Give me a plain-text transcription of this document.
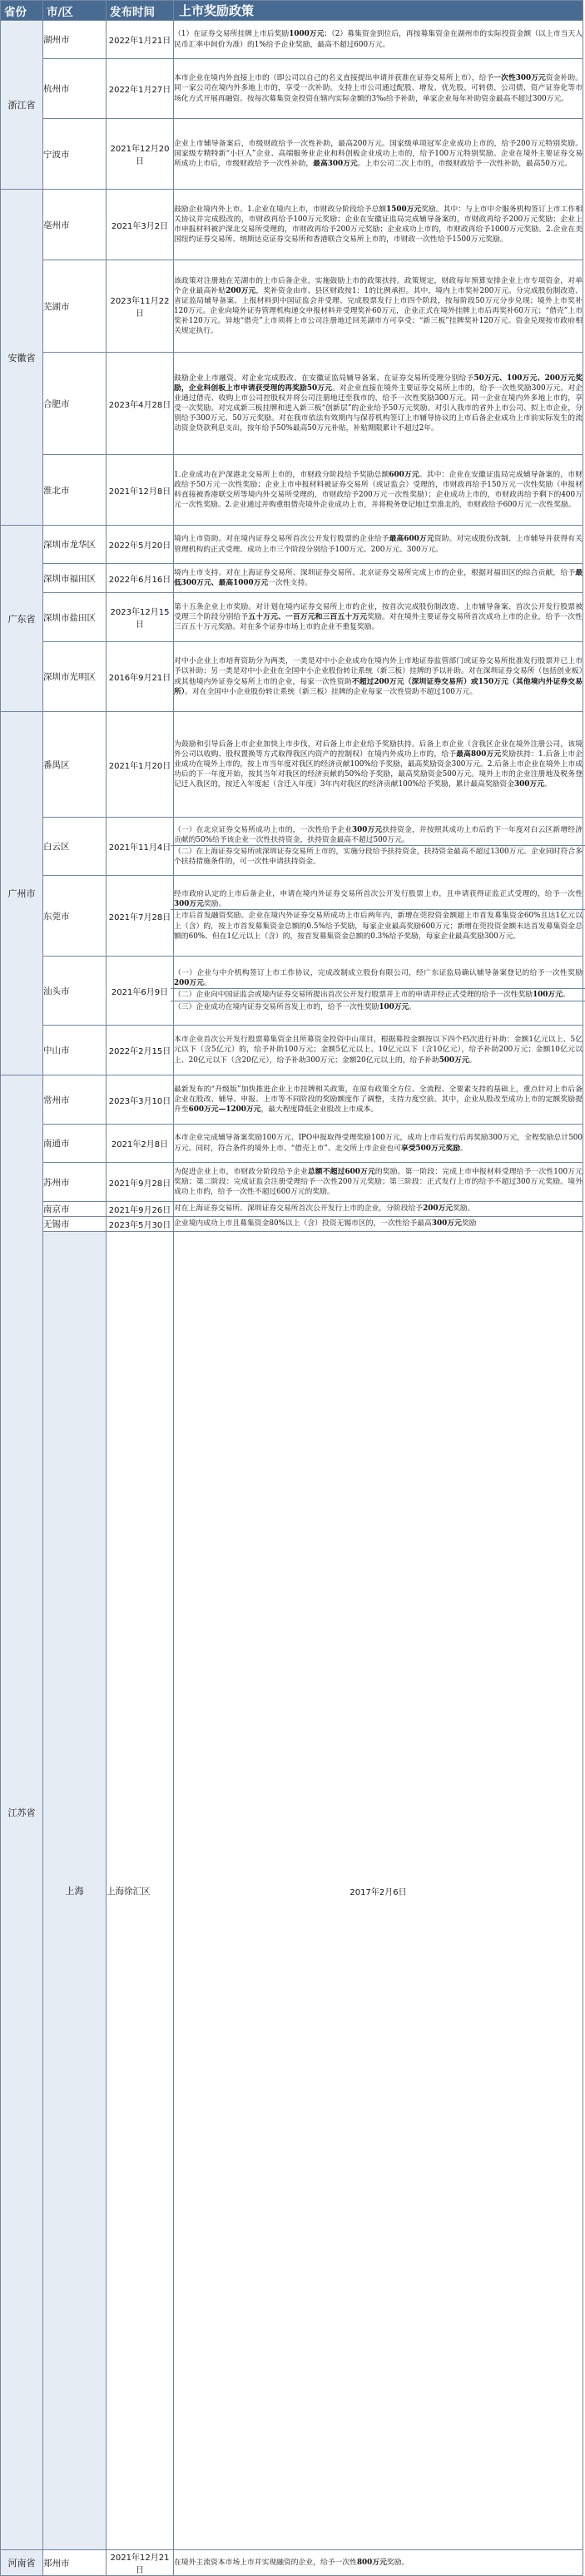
省份	市/区	发布时间	上市奖励政策	
浙江省	湖州市	2022年1月21日	（1）在证券交易所挂牌上市后奖励1000万元；（2）募集资金到位后，再按募集资金在湖州市的实际投资金额（以上市当天人民币汇率中间价为准）的1%给予企业奖励，最高不超过600万元。	
	杭州市	2022年1月27日	本市企业在境内外直接上市的（即公司以自己的名义直接提出申请并获准在证券交易所上市），给予一次性300万元资金补助。同一家公司在境内外多地上市的，享受一次补助。支持上市公司通过配股、增发、优先股、可转债、公司债、资产证券化等市场化方式开展再融资。按每次募集资金投资在辖内实际金额的3‰给予补助，单家企业每年补助资金最高不超过300万元。	
	宁波市	2021年12月20日	企业上市辅导备案后，市级财政给予一次性补助，最高200万元。国家级单项冠军企业成功上市的，给予200万元特别奖励。国家级专精特新“小巨人”企业、高端服务业企业和科创板企业成功上市的，给予100万元特别奖励。企业在境外主要证券交易所成功上市后，市级财政给予一次性补助，最高300万元。上市公司二次上市的，市级财政给予一次性补助，最高50万元。	
安徽省	亳州市	2021年3月2日	鼓励企业境内外上市。1.企业在境内上市，市财政分阶段给予总额1500万元奖励。其中：与上市中介服务机构签订上市工作相关协议并完成股改的，市财政再给予100万元奖励；企业在安徽证监局完成辅导备案的，市财政再给予200万元奖励；企业上市申报材料被沪深北交易所受理的，市财政再给予200万元奖励；企业成功上市的，市财政再给予1000万元奖励。2.企业在美国纽约证券交易所、纳斯达克证券交易所和香港联合交易所上市的，市财政一次性给予1500万元奖励。	
	芜湖市	2023年11月22日	该政策对注册地在芜湖市的上市后备企业，实施鼓励上市的政策扶持。政策规定，财政每年预算安排企业上市专项资金，对单个企业最高补贴200万元，奖补资金由市、县区财政按1：1的比例承担。其中，境内上市奖补200万元。分完成股份制改造、省证监局辅导备案、上报材料到中国证监会并受理、完成股票发行上市四个阶段，按每阶段50万元分步兑现；境外上市奖补120万元。企业向境外证券管理机构递交申报材料并受理奖补60万元，企业正式在境外挂牌上市后再奖补60万元；“借壳”上市奖补120万元。异地“借壳”上市须将上市公司注册地迁回芜湖市方可享受；“新三板”挂牌奖补120万元。资金兑现按市政府相关规定执行。	
	合肥市	2023年4月28日	鼓励企业上市融资。对企业完成股改、在安徽证监局辅导备案、在证券交易所受理分别给予50万元、100万元、200万元奖励，企业科创板上市申请获受理的再奖励50万元。对企业直接在境外主要证券交易所上市的，给予一次性奖励300万元。对企业通过借壳、收购上市公司控股权并将公司注册地迁至我市的，给予一次性奖励300万元。同一企业在境内外多地上市的，享受一次奖励。对完成新三板挂牌和进入新三板“创新层”的企业给予50万元奖励。对引入我市的省外上市公司、拟上市企业，分别给予300万元、50万元奖励。对在我市依法有效期内与保荐机构签订上市辅导协议的上市后备企业成功上市前实际发生的流动资金贷款利息支出，按年给予50%最高50万元补贴，补贴期限累计不超过2年。	
	淮北市	2021年12月8日	1.企业成功在沪深港北交易所上市的，市财政分阶段给予奖励总额600万元。其中：企业在安徽证监局完成辅导备案的，市财政给予50万元一次性奖励；企业上市申报材料被证券交易所（或证监会）受理的，市财政再给予150万元一次性奖励（申报材料直接被香港联交所等境内外交易所受理的，市财政给予200万元一次性奖励）；企业成功上市的，市财政再给予剩下的400万元一次性奖励。2.企业通过并购重组借壳境外企业成功上市，并将税务登记地迁至淮北的，市财政给予600万元一次性奖励。	
广东省	深圳市龙华区	2022年5月20日	境内上市资助。对在境内证券交易所首次公开发行股票的企业给予最高600万元资助。对完成股份改制、上市辅导并获得有关管理机构的正式受理、成功上市三个阶段分别给予100万元、200万元、300万元。	
	深圳市福田区	2022年6月16日	境内上市支持。对在上海证券交易所、深圳证券交易所、北京证券交易所完成上市的企业，根据对福田区的综合贡献，给予最低300万元、最高1000万元一次性支持。	
	深圳市盐田区	2023年12月15日	第十五条企业上市奖励。对计划在境内证券交易所上市的企业，按首次完成股份制改造、上市辅导备案、首次公开发行股票被受理三个阶段分别给予五十万元、一百万元和三百五十万元奖励。对在境外主要证券交易所首次成功上市的企业，给予一次性三百五十万元奖励。对在多个证券市场上市的企业不重复奖励。	
	深圳市光明区	2016年9月21日	对中小企业上市培育资助分为两类，一类是对中小企业成功在境内外上市地证券监管部门或证券交易所批准发行股票并已上市予以补助；另一类是对中小企业在全国中小企业股份转让系统（新三板）挂牌的予以补助。对在深圳证券交易所（包括创业板）或其他境内外证券交易所上市的企业，每家一次性资助不超过200万元（深圳证券交易所）或150万元（其他境内外证券交易所）。对在全国中小企业股份转让系统（新三板）挂牌的企业每家一次性资助不超过100万元。	
广州市	番禺区	2021年1月20日	为鼓励和引导后备上市企业加快上市步伐，对后备上市企业给予奖励扶持。后备上市企业（含我区企业在境外注册公司，该境外公司以收购、股权置换等方式取得我区内资产的控制权）在境内外成功上市的，给予最高800万元奖励扶持：1.后备上市企业成功在境外上市的，按上市当年度对我区的经济贡献100%给予奖励，最高奖励资金300万元。2.后备上市企业在境外上市成功后的下一年度开始，按其当年对我区的经济贡献的50%给予奖励，最高奖励资金500万元。境外上市的企业注册地及税务登记迁入我区的，按迁入年度起（含迁入年度）3年内对我区的经济贡献100%给予奖励，累计最高奖励资金300万元。	
	白云区	2021年11月4日	（一）在北京证券交易所成功上市的，一次性给予企业300万元扶持资金，并按照其成功上市后的下一年度对白云区新增经济贡献的50%给予该企业一次性扶持资金，扶持资金最高不超过500万元。

（二）在上海证券交易所或深圳证券交易所上市的，实施分段给予扶持资金，扶持资金最高不超过1300万元。企业同时符合多个扶持措施条件的，可一次性申请扶持资金。	

	东莞市	2021年7月28日	经市政府认定的上市后备企业，申请在境内外证券交易所首次公开发行股票上市，且申请获得证监正式受理的，给予一次性300万元奖励。

上市后首发融资奖励。企业在境内外证券交易所成功上市后两年内，新增在莞投资金额超上市首发募集资金60%且达1亿元以上（含）的，按上市首发募集资金总额的0.5%给予奖励，每家企业最高奖励600万元；新增在莞投资金额未达首发募集资金总额的60%、但在1亿元以上（含）的，按首发募集资金总额的0.3%给予奖励，每家企业最高奖励300万元。	

	汕头市	2021年6月9日	（一）企业与中介机构签订上市工作协议，完成改制成立股份有限公司，经广东证监局确认辅导备案登记的给予一次性奖励200万元。

（二）企业向中国证监会或境内证券交易所提出首次公开发行股票并上市的申请并经正式受理的给予一次性奖励100万元。

（三）企业成功在境内证券交易所首发上市的，给予一次性奖励100万元。	

	中山市	2022年2月15日	本市企业首次公开发行股票募集资金且所募资金投资中山项目，根据募投金额按以下四个档次进行补助：金额1亿元以上、5亿元以下（含5亿元）的，给予补助100万元；金额5亿元以上、10亿元以下（含10亿元），给予补助200万元；金额10亿元以上、20亿元以下（含20亿元），给予补助300万元；金额20亿元以上的，给予补助500万元。	
江苏省	常州市	2023年3月10日	最新发布的“升级版”加快推进企业上市挂牌相关政策，在原有政策全方位、全流程、全要素支持的基础上，重点针对上市后备企业在股改、辅导、申报、上市等不同阶段的奖励额度作了调整，支持力度空前。其中，企业从股改至成功上市的定额奖励提升至600万元—1200万元，最大程度降低企业股改上市成本。	
	南通市	2021年2月8日	本市企业完成辅导备案奖励100万元、IPO申报取得受理奖励100万元，成功上市后发行后再奖励300万元，全程奖励总计500万元。同时，符合条件的境外上市、“借壳上市”、北交所上市企业也可享受500万元奖励。	
	苏州市	2021年9月28日	为促进企业上市，市财政分阶段给予企业总额不超过600万元的奖励。第一阶段：完成上市申报材料受理给予一次性100万元奖励；第二阶段：完成证监会注册受理给予一次性200万元奖励；第三阶段：正式发行上市的给予不超过300万元奖励。境外成功上市的，给予一次性不超过600万元的奖励。	
	南京市	2021年9月26日	对在上海证券交易所、深圳证券交易所首次公开发行上市的企业，分阶段给予200万元奖励。	
	无锡市	2023年5月30日	企业境内成功上市且募集资金80%以上（含）投资无锡市区的，一次性给予最高300万元奖励	
	上海	上海徐汇区	2017年2月6日	
河南省	郑州市	2021年12月21日	在境外主流资本市场上市并实现融资的企业，给予一次性800万元奖励。	
